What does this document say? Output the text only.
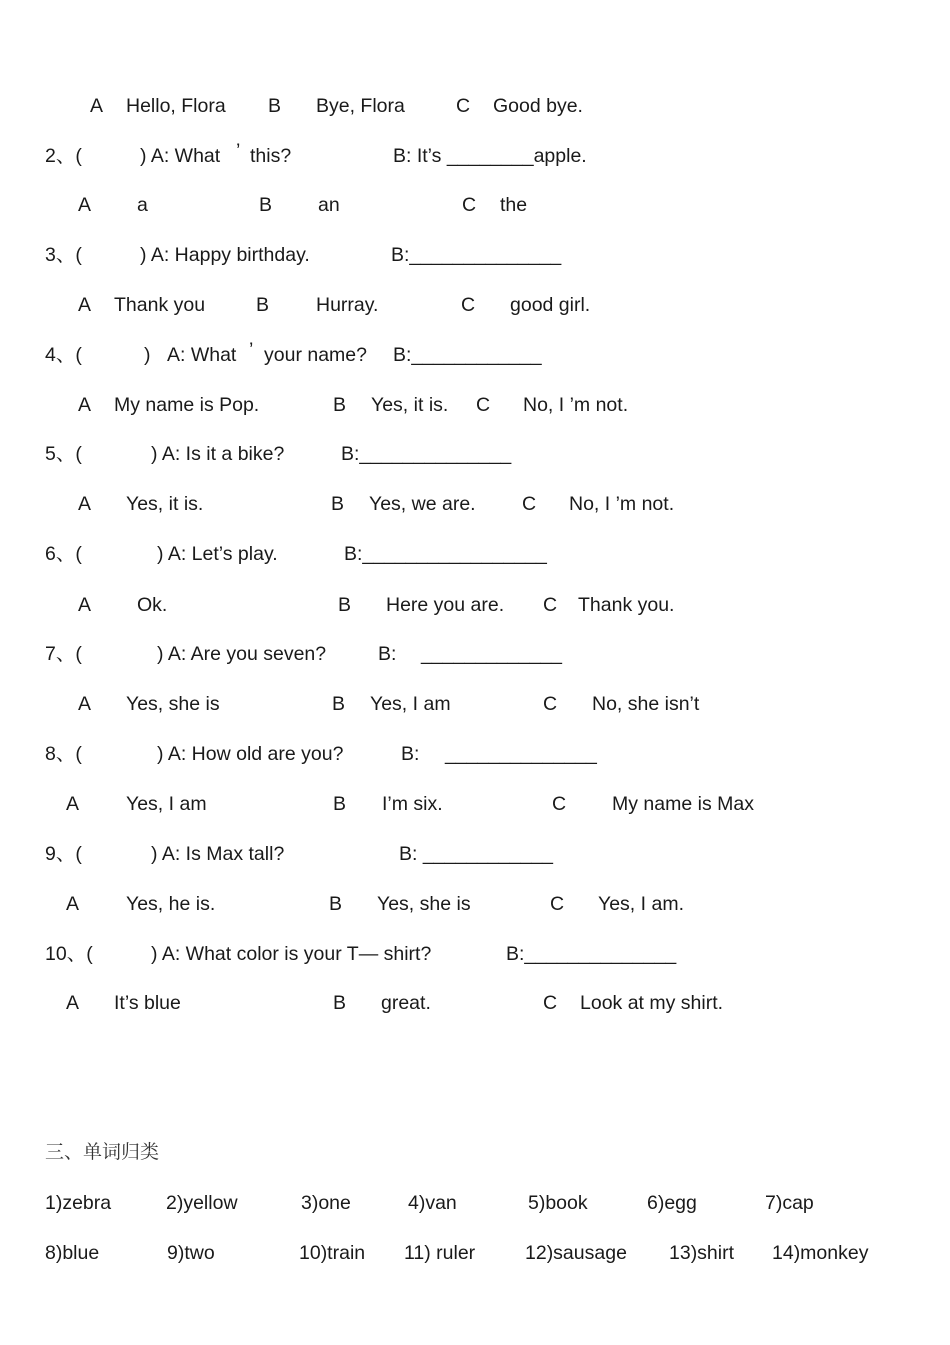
A Hello, Flora B Bye, Flora	C Good bye.
2、(	) A: What ’ this?	B: It’s ________apple.
A a	B an	C the
3、(	) A: Happy birthday.	B:______________
A Thank you	B Hurray.	C good girl.
4、(	) A: What ’ your name? B:____________
A My name is Pop.	B Yes, it is. C No, I ’m not.
5、(	) A: Is it a bike?	B:______________
A Yes, it is.	B Yes, we are. C No, I ’m not.
6、(	) A: Let’s play.	B:_________________
A Ok.	B Here you are. C Thank you.
7、(	) A: Are you seven?	B: _____________
A Yes, she is	B Yes, I am	C No, she isn’t
8、(	) A: How old are you?	B: ______________
A Yes, I am	B I’m six.	C My name is Max
9、(	) A: Is Max tall?	B: ____________
A Yes, he is.	B Yes, she is	C Yes, I am.
10、(	) A: What color is your T— shirt?	B:______________
A It’s blue	B great.	C Look at my shirt.
三、单词归类
1)zebra	2)yellow	3)one	4)van	5)book	6)egg	7)cap
8)blue	9)two	10)train 11) ruler	12)sausage 13)shirt 14)monkey
